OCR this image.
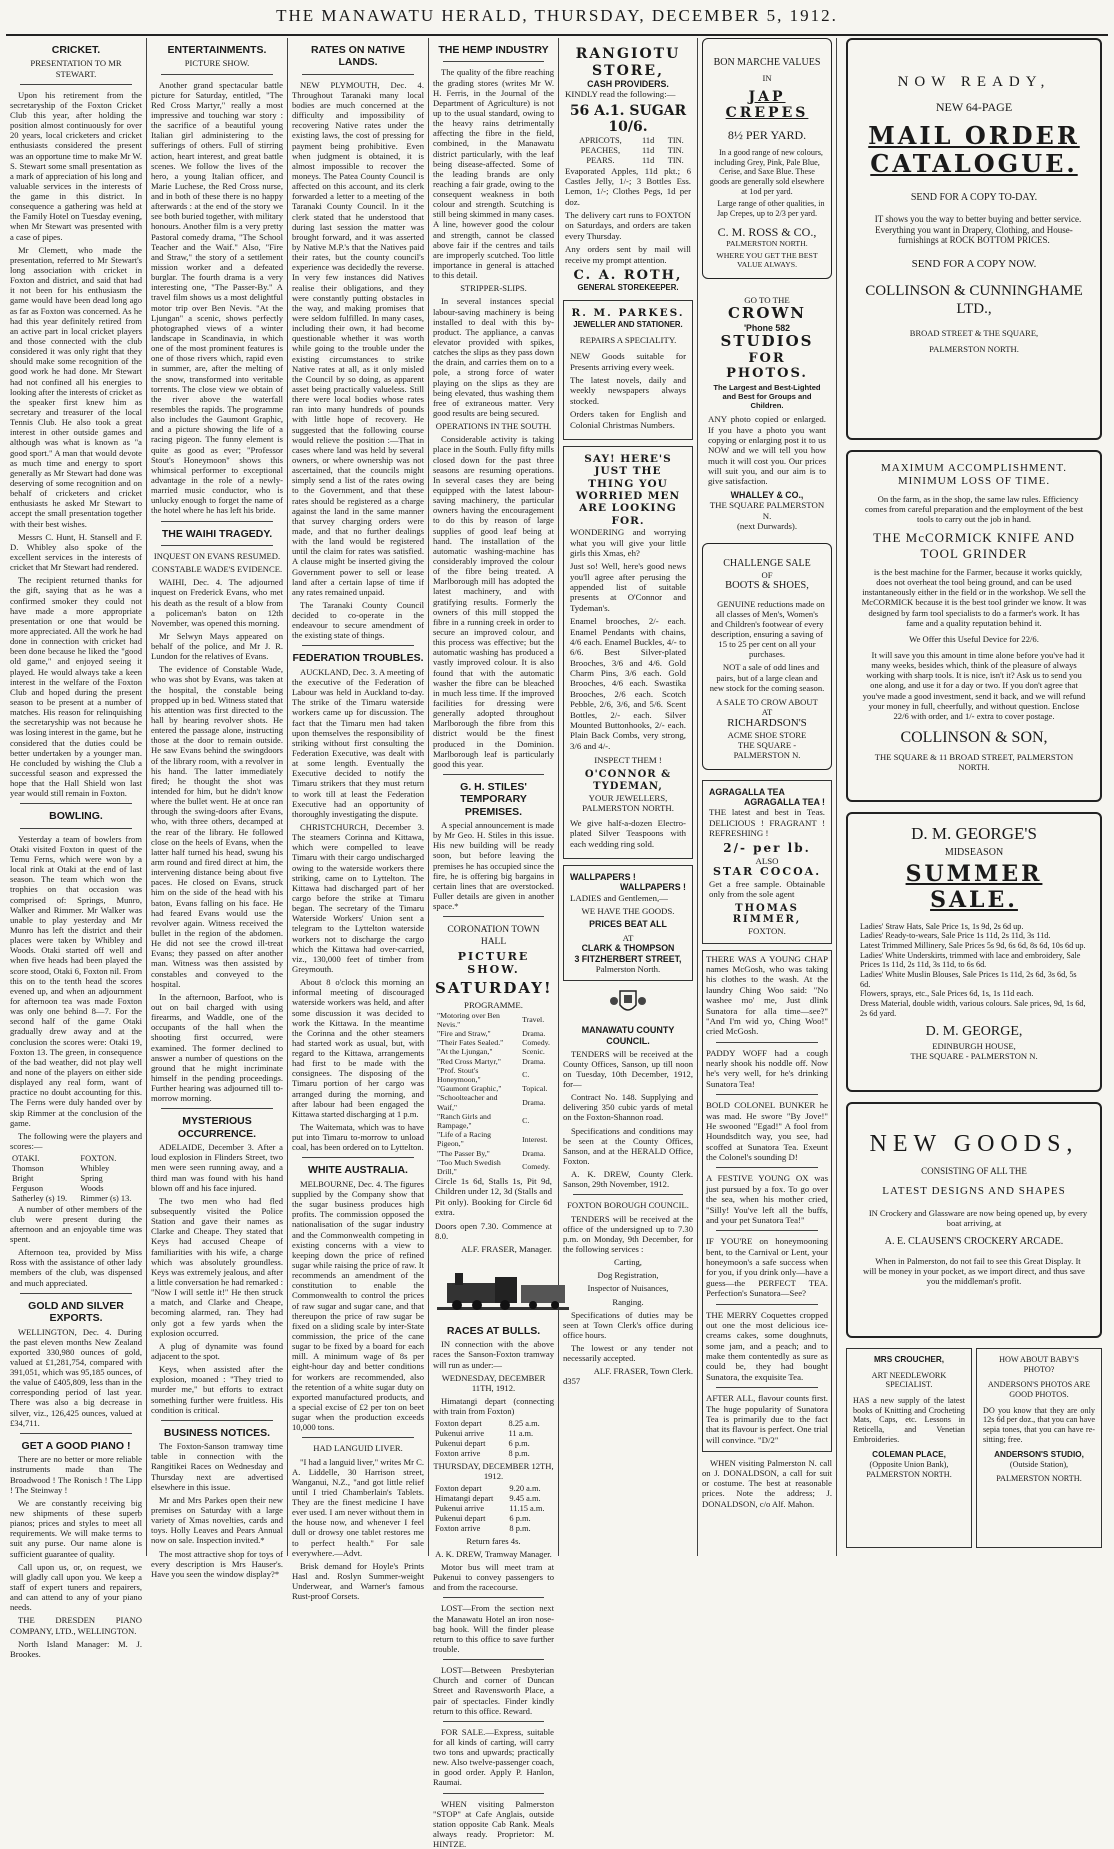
THE MANAWATU HERALD, THURSDAY, DECEMBER 5, 1912.
CRICKET.
PRESENTATION TO MR STEWART.

Upon his retirement from the secretaryship of the Foxton Cricket Club this year, after holding the position almost continuously for over 20 years, local cricketers and cricket enthusiasts considered the present was an opportune time to make Mr W. S. Stewart some small presentation as a mark of appreciation of his long and valuable services in the interests of the game in this district. In consequence a gathering was held at the Family Hotel on Tuesday evening, when Mr Stewart was presented with a case of pipes.

Mr Clemett, who made the presentation, referred to Mr Stewart's long association with cricket in Foxton and district, and said that had it not been for his enthusiasm the game would have been dead long ago as far as Foxton was concerned. As he had this year definitely retired from an active part in local cricket players and those connected with the club considered it was only right that they should make some recognition of the good work he had done. Mr Stewart had not confined all his energies to looking after the interests of cricket as the speaker first knew him as secretary and treasurer of the local Tennis Club. He also took a great interest in other outside games and although was what is known as "a good sport." A man that would devote as much time and energy to sport generally as Mr Stewart had done was deserving of some recognition and on behalf of cricketers and cricket enthusiasts he asked Mr Stewart to accept the small presentation together with their best wishes.

Messrs C. Hunt, H. Stansell and F. D. Whibley also spoke of the excellent services in the interests of cricket that Mr Stewart had rendered.

The recipient returned thanks for the gift, saying that as he was a confirmed smoker they could not have made a more appropriate presentation or one that would be more appreciated. All the work he had done in connection with cricket had been done because he liked the "good old game," and enjoyed seeing it played. He would always take a keen interest in the welfare of the Foxton Club and hoped during the present season to be present at a number of matches. His reason for relinquishing the secretaryship was not because he was losing interest in the game, but he considered that the duties could be better undertaken by a younger man. He concluded by wishing the Club a successful season and expressed the hope that the Hall Shield won last year would still remain in Foxton.

BOWLING.

Yesterday a team of bowlers from Otaki visited Foxton in quest of the Temu Ferns, which were won by a local rink at Otaki at the end of last season. The team which won the trophies on that occasion was comprised of: Springs, Munro, Walker and Rimmer. Mr Walker was unable to play yesterday and Mr Munro has left the district and their places were taken by Whibley and Woods. Otaki started off well and when five heads had been played the score stood, Otaki 6, Foxton nil. From this on to the tenth head the scores evened up, and when an adjournment for afternoon tea was made Foxton was only one behind 8—7. For the second half of the game Otaki gradually drew away and at the conclusion the scores were: Otaki 19, Foxton 13. The green, in consequence of the bad weather, did not play well and none of the players on either side displayed any real form, want of practice no doubt accounting for this. The Ferns were duly handed over by skip Rimmer at the conclusion of the game.

The following were the players and scores:—

OTAKI.	FOXTON.
Thomson	Whibley
Bright	Spring
Ferguson	Woods
Satherley (s) 19.	Rimmer (s) 13.

A number of other members of the club were present during the afternoon and an enjoyable time was spent.

Afternoon tea, provided by Miss Ross with the assistance of other lady members of the club, was dispensed and much appreciated.

GOLD AND SILVER EXPORTS.

WELLINGTON, Dec. 4. During the past eleven months New Zealand exported 330,980 ounces of gold, valued at £1,281,754, compared with 391,051, which was 95,185 ounces, of the value of £405,809, less than in the corresponding period of last year. There was also a big decrease in silver, viz., 126,425 ounces, valued at £34,711.

GET A GOOD PIANO !

There are no better or more reliable instruments made than The Broadwood ! The Ronisch ! The Lipp ! The Steinway !

We are constantly receiving big new shipments of these superb pianos; prices and styles to meet all requirements. We will make terms to suit any purse. Our name alone is sufficient guarantee of quality.

Call upon us, or, on request, we will gladly call upon you. We keep a staff of expert tuners and repairers, and can attend to any of your piano needs.

THE DRESDEN PIANO COMPANY, LTD., WELLINGTON.

North Island Manager: M. J. Brookes.

ENTERTAINMENTS.
PICTURE SHOW.

Another grand spectacular battle picture for Saturday, entitled, "The Red Cross Martyr," really a most impressive and touching war story : the sacrifice of a beautiful young Italian girl administering to the sufferings of others. Full of stirring action, heart interest, and great battle scenes. We follow the lives of the hero, a young Italian officer, and Marie Luchese, the Red Cross nurse, and in both of these there is no happy afterwards : at the end of the story we see both buried together, with military honours. Another film is a very pretty Pastoral comedy drama, "The School Teacher and the Waif." Also, "Fire and Straw," the story of a settlement mission worker and a defeated burglar. The fourth drama is a very interesting one, "The Passer-By." A travel film shows us a most delightful motor trip over Ben Nevis. "At the Ljungan" a scenic, shows perfectly photographed views of a winter landscape in Scandinavia, in which one of the most prominent features is one of those rivers which, rapid even in summer, are, after the melting of the snow, transformed into veritable torrents. The close view we obtain of the river above the waterfall resembles the rapids. The programme also includes the Gaumont Graphic, and a picture showing the life of a racing pigeon. The funny element is quite as good as ever; "Professor Stout's Honeymoon" shows this whimsical performer to exceptional advantage in the role of a newly-married music conductor, who is unlucky enough to forget the name of the hotel where he has left his bride.

THE WAIHI TRAGEDY.
INQUEST ON EVANS RESUMED.
CONSTABLE WADE'S EVIDENCE.

WAIHI, Dec. 4. The adjourned inquest on Frederick Evans, who met his death as the result of a blow from a policeman's baton on 12th November, was opened this morning.

Mr Selwyn Mays appeared on behalf of the police, and Mr J. R. Lundon for the relatives of Evans.

The evidence of Constable Wade, who was shot by Evans, was taken at the hospital, the constable being propped up in bed. Witness stated that his attention was first directed to the hall by hearing revolver shots. He entered the passage alone, instructing those at the door to remain outside. He saw Evans behind the swingdoors of the library room, with a revolver in his hand. The latter immediately fired; he thought the shot was intended for him, but he didn't know where the bullet went. He at once ran through the swing-doors after Evans, who, with three others, decamped at the rear of the library. He followed close on the heels of Evans, when the latter half turned his head, swung his arm round and fired direct at him, the intervening distance being about five paces. He closed on Evans, struck him on the side of the head with his baton, Evans falling on his face. He had feared Evans would use the revolver again. Witness received the bullet in the region of the abdomen. He did not see the crowd ill-treat Evans; they passed on after another man. Witness was then assisted by constables and conveyed to the hospital.

In the afternoon, Barfoot, who is out on bail charged with using firearms, and Waddle, one of the occupants of the hall when the shooting first occurred, were examined. The former declined to answer a number of questions on the ground that he might incriminate himself in the pending proceedings. Further hearing was adjourned till to-morrow morning.

MYSTERIOUS OCCURRENCE.

ADELAIDE, December 3. After a loud explosion in Flinders Street, two men were seen running away, and a third man was found with his hand blown off and his face injured.

The two men who had fled subsequently visited the Police Station and gave their names as Clarke and Cheape. They stated that Keys had accused Cheape of familiarities with his wife, a charge which was absolutely groundless. Keys was extremely jealous, and after a little conversation he had remarked : "Now I will settle it!" He then struck a match, and Clarke and Cheape, becoming alarmed, ran. They had only got a few yards when the explosion occurred.

A plug of dynamite was found adjacent to the spot.

Keys, when assisted after the explosion, moaned : "They tried to murder me," but efforts to extract something further were fruitless. His condition is critical.

BUSINESS NOTICES.

The Foxton-Sanson tramway time table in connection with the Rangitikei Races on Wednesday and Thursday next are advertised elsewhere in this issue.

Mr and Mrs Parkes open their new premises on Saturday with a large variety of Xmas novelties, cards and toys. Holly Leaves and Pears Annual now on sale. Inspection invited.*

The most attractive shop for toys of every description is Mrs Hauser's. Have you seen the window display?*

RATES ON NATIVE LANDS.

NEW PLYMOUTH, Dec. 4. Throughout Taranaki many local bodies are much concerned at the difficulty and impossibility of recovering Native rates under the existing laws, the cost of pressing for payment being prohibitive. Even when judgment is obtained, it is almost impossible to recover the moneys. The Patea County Council is affected on this account, and its clerk forwarded a letter to a meeting of the Taranaki County Council. In it the clerk stated that he understood that during last session the matter was brought forward, and it was asserted by Native M.P.'s that the Natives paid their rates, but the county council's experience was decidedly the reverse. In very few instances did Natives realise their obligations, and they were constantly putting obstacles in the way, and making promises that were seldom fulfilled. In many cases, including their own, it had become questionable whether it was worth while going to the trouble under the existing circumstances to strike Native rates at all, as it only misled the Council by so doing, as apparent asset being practically valueless. Still there were local bodies whose rates ran into many hundreds of pounds with little hope of recovery. He suggested that the following course would relieve the position :—That in cases where land was held by several owners, or where ownership was not ascertained, that the councils might simply send a list of the rates owing to the Government, and that these rates should be registered as a charge against the land in the same manner that survey charging orders were made, and that no further dealings with the land would be registered until the claim for rates was satisfied. A clause might be inserted giving the Government power to sell or lease land after a certain lapse of time if any rates remained unpaid.

The Taranaki County Council decided to co-operate in the endeavour to secure amendment of the existing state of things.

FEDERATION TROUBLES.

AUCKLAND, Dec. 3. A meeting of the executive of the Federation of Labour was held in Auckland to-day. The strike of the Timaru waterside workers came up for discussion. The fact that the Timaru men had taken upon themselves the responsibility of striking without first consulting the Federation Executive, was dealt with at some length. Eventually the Executive decided to notify the Timaru strikers that they must return to work till at least the Federation Executive had an opportunity of thoroughly investigating the dispute.

CHRISTCHURCH, December 3. The steamers Corinna and Kittawa, which were compelled to leave Timaru with their cargo undischarged owing to the waterside workers there striking, came on to Lyttelton. The Kittawa had discharged part of her cargo before the strike at Timaru began. The secretary of the Timaru Waterside Workers' Union sent a telegram to the Lyttelton waterside workers not to discharge the cargo which the Kittawa had over-carried, viz., 130,000 feet of timber from Greymouth.

About 8 o'clock this morning an informal meeting of discouraged waterside workers was held, and after some discussion it was decided to work the Kittawa. In the meantime the Corinna and the other steamers had started work as usual, but, with regard to the Kittawa, arrangements had first to be made with the consignees. The disposing of the Timaru portion of her cargo was arranged during the morning, and after labour had been engaged the Kittawa started discharging at 1 p.m.

The Waitemata, which was to have put into Timaru to-morrow to unload coal, has been ordered on to Lyttelton.

WHITE AUSTRALIA.

MELBOURNE, Dec. 4. The figures supplied by the Company show that the sugar business produces high profits. The commission opposed the nationalisation of the sugar industry and the Commonwealth competing in existing concerns with a view to keeping down the price of refined sugar while raising the price of raw. It recommends an amendment of the constitution to enable the Commonwealth to control the prices of raw sugar and sugar cane, and that thereupon the price of raw sugar be fixed on a sliding scale by inter-State commission, the price of the cane sugar to be fixed by a board for each mill. A minimum wage of 8s per eight-hour day and better conditions for workers are recommended, also the retention of a white sugar duty on exported manufactured products, and a special excise of £2 per ton on beet sugar when the production exceeds 10,000 tons.

HAD LANGUID LIVER.

"I had a languid liver," writes Mr C. A. Liddelle, 30 Harrison street, Wanganui, N.Z., "and got little relief until I tried Chamberlain's Tablets. They are the finest medicine I have ever used. I am never without them in the house now, and whenever I feel dull or drowsy one tablet restores me to perfect health." For sale everywhere.—Advt.

Brisk demand for Hoyle's Prints Hasl and. Roslyn Summer-weight Underwear, and Warner's famous Rust-proof Corsets.

THE HEMP INDUSTRY

The quality of the fibre reaching the grading stores (writes Mr W. H. Ferris, in the Journal of the Department of Agriculture) is not up to the usual standard, owing to the heavy rains detrimentally affecting the fibre in the field, combined, in the Manawatu district particularly, with the leaf being disease-affected. Some of the leading brands are only reaching a fair grade, owing to the consequent weakness in both colour and strength. Scutching is still being skimmed in many cases. A line, however good the colour and strength, cannot be classed above fair if the centres and tails are improperly scutched. Too little importance in general is attached to this detail.

STRIPPER-SLIPS.

In several instances special labour-saving machinery is being installed to deal with this by-product. The appliance, a canvas elevator provided with spikes, catches the slips as they pass down the drain, and carries them on to a pole, a strong force of water playing on the slips as they are being elevated, thus washing them free of extraneous matter. Very good results are being secured.

OPERATIONS IN THE SOUTH.

Considerable activity is taking place in the South. Fully fifty mills closed down for the past three seasons are resuming operations. In several cases they are being equipped with the latest labour-saving machinery, the particular owners having the encouragement to do this by reason of large supplies of good leaf being at hand. The installation of the automatic washing-machine has considerably improved the colour of the fibre being treated. A Marlborough mill has adopted the latest machinery, and with gratifying results. Formerly the owners of this mill stopped the fibre in a running creek in order to secure an improved colour, and this process was effective; but the automatic washing has produced a vastly improved colour. It is also found that with the automatic washer the fibre can be bleached in much less time. If the improved facilities for dressing were generally adopted throughout Marlborough the fibre from this district would be the finest produced in the Dominion. Marlborough leaf is particularly good this year.

G. H. STILES' TEMPORARY PREMISES.

A special announcement is made by Mr Geo. H. Stiles in this issue. His new building will be ready soon, but before leaving the premises he has occupied since the fire, he is offering big bargains in certain lines that are overstocked. Fuller details are given in another space.*

CORONATION TOWN HALL
PICTURE SHOW.
SATURDAY!
PROGRAMME.
"Motoring over Ben Nevis."	Travel.
"Fire and Straw,"	Drama.
"Their Fates Sealed."	Comedy.
"At the Ljungan,"	Scenic.
"Red Cross Martyr,"	Drama.
"Prof. Stout's Honeymoon,"	C.
"Gaumont Graphic,"	Topical.
"Schoolteacher and Waif,"	Drama.
"Ranch Girls and Rampage,"	C.
"Life of a Racing Pigeon,"	Interest.
"The Passer By,"	Drama.
"Too Much Swedish Drill,"	Comedy.

Circle 1s 6d, Stalls 1s, Pit 9d, Children under 12, 3d (Stalls and Pit only). Booking for Circle 6d extra.

Doors open 7.30. Commence at 8.0.

ALF. FRASER, Manager.
RACES AT BULLS.

IN connection with the above races the Sanson-Foxton tramway will run as under:—

WEDNESDAY, DECEMBER 11TH, 1912.

Himatangi depart (connecting with train from Foxton)

Foxton depart	8.25 a.m.
Pukenui arrive	11 a.m.
Pukenui depart	6 p.m.
Foxton arrive	8 p.m.
THURSDAY, DECEMBER 12TH, 1912.
Foxton depart	9.20 a.m.
Himatangi depart	9.45 a.m.
Pukenui arrive	11.15 a.m.
Pukenui depart	6 p.m.
Foxton arrive	8 p.m.
Return fares 4s.
A. K. DREW, Tramway Manager.

Motor bus will meet tram at Pukenui to convey passengers to and from the racecourse.

LOST—From the section next the Manawatu Hotel an iron nose-bag hook. Will the finder please return to this office to save further trouble.

LOST—Between Presbyterian Church and corner of Duncan Street and Ravensworth Place, a pair of spectacles. Finder kindly return to this office. Reward.

FOR SALE.—Express, suitable for all kinds of carting, will carry two tons and upwards; practically new. Also twelve-passenger coach, in good order. Apply P. Hanlon, Raumai.

WHEN visiting Palmerston "STOP" at Cafe Anglais, outside station opposite Cab Rank. Meals always ready. Proprietor: M. HINTZE.

RANGIOTU STORE,
CASH PROVIDERS.

KINDLY read the following:—

56 A.1. SUGAR 10/6.
APRICOTS,	11d	TIN.
PEACHES,	11d	TIN.
PEARS.	11d	TIN.

Evaporated Apples, 11d pkt.; 6 Castles Jelly, 1/-; 3 Bottles Ess. Lemon, 1/-; Clothes Pegs, 1d per doz.

The delivery cart runs to FOXTON on Saturdays, and orders are taken every Thursday.

Any orders sent by mail will receive my prompt attention.

C. A. ROTH,
GENERAL STOREKEEPER.
R. M. PARKES.
JEWELLER AND STATIONER.
REPAIRS A SPECIALITY.

NEW Goods suitable for Presents arriving every week.

The latest novels, daily and weekly newspapers always stocked.

Orders taken for English and Colonial Christmas Numbers.

SAY! HERE'S JUST THE THING YOU WORRIED MEN ARE LOOKING FOR.

WONDERING and worrying what you will give your little girls this Xmas, eh?

Just so! Well, here's good news you'll agree after perusing the appended list of suitable presents at O'Connor and Tydeman's.

Enamel brooches, 2/- each. Enamel Pendants with chains, 4/6 each. Enamel Buckles, 4/- to 6/6. Best Silver-plated Brooches, 3/6 and 4/6. Gold Charm Pins, 3/6 each. Gold Brooches, 4/6 each. Swastika Brooches, 2/6 each. Scotch Pebble, 2/6, 3/6, and 5/6. Scent Bottles, 2/- each. Silver Mounted Buttonhooks, 2/- each. Plain Back Combs, very strong, 3/6 and 4/-.

INSPECT THEM !
O'CONNOR & TYDEMAN,
YOUR JEWELLERS,
PALMERSTON NORTH.

We give half-a-dozen Electro-plated Silver Teaspoons with each wedding ring sold.

WALLPAPERS !
WALLPAPERS !

LADIES and Gentlemen,—

WE HAVE THE GOODS.
PRICES BEAT ALL
AT
CLARK & THOMPSON
3 FITZHERBERT STREET,
Palmerston North.
MANAWATU COUNTY COUNCIL.

TENDERS will be received at the County Offices, Sanson, up till noon on Tuesday, 10th December, 1912, for—

Contract No. 148. Supplying and delivering 350 cubic yards of metal on the Foxton-Shannon road.

Specifications and conditions may be seen at the County Offices, Sanson, and at the HERALD Office, Foxton.

A. K. DREW, County Clerk. Sanson, 29th November, 1912.

FOXTON BOROUGH COUNCIL.

TENDERS will be received at the office of the undersigned up to 7.30 p.m. on Monday, 9th December, for the following services :

Carting,
Dog Registration,
Inspector of Nuisances,
Ranging.

Specifications of duties may be seen at Town Clerk's office during office hours.

The lowest or any tender not necessarily accepted.

ALF. FRASER, Town Clerk.
d357
BON MARCHE VALUES
IN
JAP CREPES
8½ PER YARD.

In a good range of new colours, including Grey, Pink, Pale Blue, Cerise, and Saxe Blue. These goods are generally sold elsewhere at 1od per yard.

Large range of other qualities, in Jap Crepes, up to 2/3 per yard.

C. M. ROSS & CO.,
PALMERSTON NORTH.
WHERE YOU GET THE BEST VALUE ALWAYS.
GO TO THE
CROWN
'Phone 582
STUDIOS
FOR PHOTOS.
The Largest and Best-Lighted and Best for Groups and Children.

ANY photo copied or enlarged. If you have a photo you want copying or enlarging post it to us NOW and we will tell you how much it will cost you. Our prices will suit you, and our aim is to give satisfaction.

WHALLEY & CO.,
THE SQUARE PALMERSTON N.
(next Durwards).
CHALLENGE SALE
OF
BOOTS & SHOES,

GENUINE reductions made on all classes of Men's, Women's and Children's footwear of every description, ensuring a saving of 15 to 25 per cent on all your purchases.

NOT a sale of odd lines and pairs, but of a large clean and new stock for the coming season.

A SALE TO CROW ABOUT
AT
RICHARDSON'S
ACME SHOE STORE
THE SQUARE - PALMERSTON N.
AGRAGALLA TEA
AGRAGALLA TEA !

THE latest and best in Teas. DELICIOUS ! FRAGRANT ! REFRESHING !

2/- per lb.
ALSO
STAR COCOA.

Get a free sample. Obtainable only from the sole agent

THOMAS RIMMER,
FOXTON.

THERE WAS A YOUNG CHAP names McGosh, who was taking his clothes to the wash. At the laundry Ching Woo said: "No washee mo' me, Just dlink Sunatora for alla time—see?" "And I'm wid yo, Ching Woo!" cried McGosh.

PADDY WOFF had a cough nearly shook his noddle off. Now he's very well, for he's drinking Sunatora Tea!

BOLD COLONEL BUNKER he was mad. He swore "By Jove!" He swooned "Egad!" A fool from Houndsditch way, you see, had scoffed at Sunatora Tea. Exeunt the Colonel's sounding D!

A FESTIVE YOUNG OX was just pursued by a fox. To go over the sea, when his mother cried, "Silly! You've left all the buffs, and your pet Sunatora Tea!"

IF YOU'RE on honeymooning bent, to the Carnival or Lent, your honeymoon's a safe success when for you, if you drink only—have a guess—the PERFECT TEA. Perfection's Sunatora—See?

THE MERRY Coquettes cropped out one the most delicious ice-creams cakes, some doughnuts, some jam, and a peach; and to make them contentedly as sure as could be, they had bought Sunatora, the exquisite Tea.

AFTER ALL, flavour counts first. The huge popularity of Sunatora Tea is primarily due to the fact that its flavour is perfect. One trial will convince. "D/2"

WHEN visiting Palmerston N. call on J. DONALDSON, a call for suit or costume. The best at reasonable prices. Note the address; J. DONALDSON, c/o Alf. Mahon.

NOW READY,
NEW 64-PAGE
MAIL ORDER
CATALOGUE.
SEND FOR A COPY TO-DAY.

IT shows you the way to better buying and better service. Everything you want in Drapery, Clothing, and House-furnishings at ROCK BOTTOM PRICES.

SEND FOR A COPY NOW.
COLLINSON & CUNNINGHAME LTD.,
BROAD STREET & THE SQUARE,
PALMERSTON NORTH.
MAXIMUM ACCOMPLISHMENT.
MINIMUM LOSS OF TIME.

On the farm, as in the shop, the same law rules. Efficiency comes from careful preparation and the employment of the best tools to carry out the job in hand.

THE McCORMICK KNIFE AND TOOL GRINDER

is the best machine for the Farmer, because it works quickly, does not overheat the tool being ground, and can be used instantaneously either in the field or in the workshop. We sell the McCORMICK because it is the best tool grinder we know. It was designed by farm tool specialists to do a farmer's work. It has fame and a quality reputation behind it.

We Offer this Useful Device for 22/6.

It will save you this amount in time alone before you've had it many weeks, besides which, think of the pleasure of always working with sharp tools. It is nice, isn't it? Ask us to send you one along, and use it for a day or two. If you don't agree that you've made a good investment, send it back, and we will refund your money in full, cheerfully, and without question. Enclose 22/6 with order, and 1/- extra to cover postage.

COLLINSON & SON,
THE SQUARE & 11 BROAD STREET, PALMERSTON NORTH.
D. M. GEORGE'S
MIDSEASON
SUMMER SALE.
Ladies' Straw Hats, Sale Price 1s, 1s 9d, 2s 6d up.
Ladies' Ready-to-wears, Sale Price 1s 11d, 2s 11d, 3s 11d.
Latest Trimmed Millinery, Sale Prices 5s 9d, 6s 6d, 8s 6d, 10s 6d up.
Ladies' White Underskirts, trimmed with lace and embroidery, Sale Prices 1s 11d, 2s 11d, 3s 11d, to 6s 6d.
Ladies' White Muslin Blouses, Sale Prices 1s 11d, 2s 6d, 3s 6d, 5s 6d.
Flowers, sprays, etc., Sale Prices 6d, 1s, 1s 11d each.
Dress Material, double width, various colours. Sale prices, 9d, 1s 6d, 2s 6d yard.
D. M. GEORGE,
EDINBURGH HOUSE,
THE SQUARE - PALMERSTON N.
NEW GOODS,
CONSISTING OF ALL THE
LATEST DESIGNS AND SHAPES

IN Crockery and Glassware are now being opened up, by every boat arriving, at

A. E. CLAUSEN'S CROCKERY ARCADE.

When in Palmerston, do not fail to see this Great Display. It will be money in your pocket, as we import direct, and thus save you the middleman's profit.

MRS CROUCHER,
ART NEEDLEWORK
SPECIALIST.

HAS a new supply of the latest books of Knitting and Crocheting Mats, Caps, etc. Lessons in Reticella, and Venetian Embroideries.

COLEMAN PLACE,
(Opposite Union Bank),
PALMERSTON NORTH.
HOW ABOUT BABY'S PHOTO?
ANDERSON'S PHOTOS ARE GOOD PHOTOS.

DO you know that they are only 12s 6d per doz., that you can have sepia tones, that you can have re-sitting; free.

ANDERSON'S STUDIO,
(Outside Station),
PALMERSTON NORTH.
